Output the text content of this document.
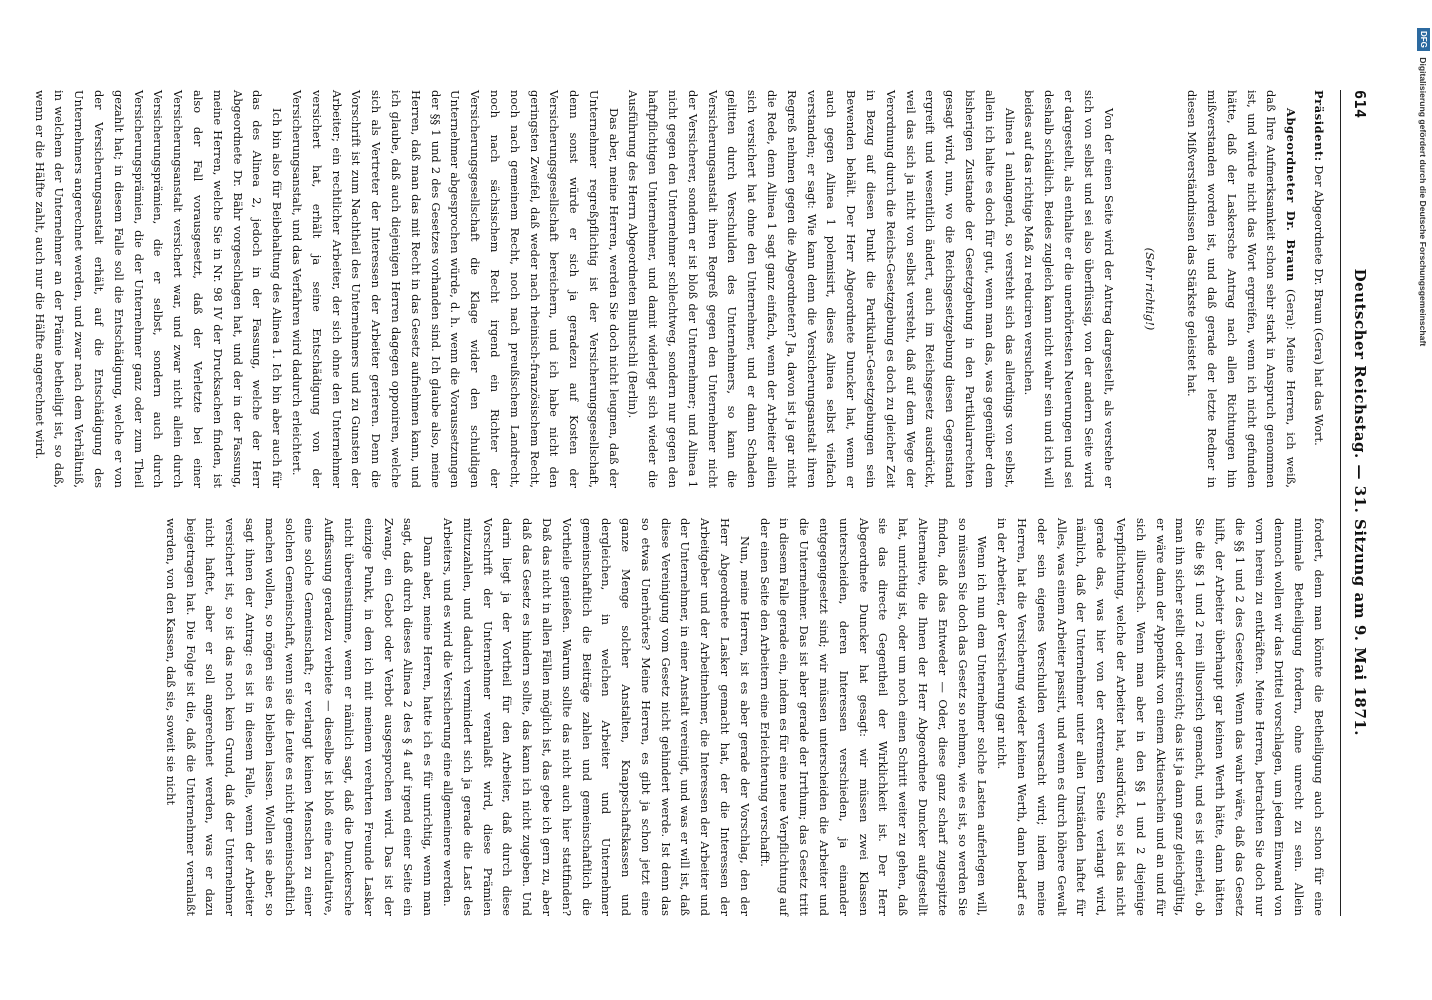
614
Deutscher Reichstag. — 31. Sitzung am 9. Mai 1871.

Präsident: Der Abgeordnete Dr. Braun (Gera) hat das Wort.

Abgeordneter Dr. Braun (Gera): Meine Herren, ich weiß, daß Ihre Aufmerksamkeit schon sehr stark in Anspruch genommen ist, und würde nicht das Wort ergreifen, wenn ich nicht gefunden hätte, daß der Laskersche Antrag nach allen Richtungen hin mißverstanden worden ist, und daß gerade der letzte Redner in diesen Mißverständnissen das Stärkste geleistet hat.

(Sehr richtig!)

Von der einen Seite wird der Antrag dargestellt, als verstehe er sich von selbst und sei also überflüssig, von der andern Seite wird er dargestellt, als enthalte er die unerhörtesten Neuerungen und sei deshalb schädlich. Beides zugleich kann nicht wahr sein und ich will beides auf das richtige Maß zu reduciren versuchen.

Alinea 1 anlangend, so versteht sich das allerdings von selbst, allein ich halte es doch für gut, wenn man das, was gegenüber dem bisherigen Zustande der Gesetzgebung in den Partikularrechten gesagt wird, nun, wo die Reichsgesetzgebung diesen Gegenstand ergreift und wesentlich ändert, auch im Reichsgesetz ausdrückt, weil das sich ja nicht von selbst versteht, daß auf dem Wege der Verordnung durch die Reichs-Gesetzgebung es doch zu gleicher Zeit in Bezug auf diesen Punkt die Partikular-Gesetzgebungen sein Bewenden behält. Der Herr Abgeordnete Duncker hat, wenn er auch gegen Alinea 1 polemisirt, dieses Alinea selbst vielfach verstanden; er sagt: Wie kann denn die Versicherungsanstalt ihren Regreß nehmen gegen die Abgeordneten? Ja, davon ist ja gar nicht die Rede, denn Alinea 1 sagt ganz einfach, wenn der Arbeiter allein sich versichert hat ohne den Unternehmer, und er dann Schaden gelitten durch Verschulden des Unternehmers, so kann die Versicherungsanstalt ihren Regreß gegen den Unternehmer nicht der Versicherer, sondern er ist bloß der Unternehmer; und Alinea 1 nicht gegen den Unternehmer schlechtweg, sondern nur gegen den haftpflichtigen Unternehmer, und damit widerlegt sich wieder die Ausführung des Herrn Abgeordneten Bluntschli (Berlin).

Das aber, meine Herren, werden Sie doch nicht leugnen, daß der Unternehmer regreßpflichtig ist der Versicherungsgesellschaft, denn sonst würde er sich ja geradezu auf Kosten der Versicherungsgesellschaft bereichern, und ich habe nicht den geringsten Zweifel, daß weder nach rheinisch-französischem Recht, noch nach gemeinem Recht, noch nach preußischem Landrecht, noch nach sächsischem Recht irgend ein Richter der Versicherungsgesellschaft die Klage wider den schuldigen Unternehmer abgesprochen würde, d. h. wenn die Voraussetzungen der §§ 1 und 2 des Gesetzes vorhanden sind. Ich glaube also, meine Herren, daß man das mit Recht in das Gesetz aufnehmen kann, und ich glaube, daß auch diejenigen Herren dagegen opponiren, welche sich als Vertreter der Interessen der Arbeiter gerieren. Denn die Vorschrift ist zum Nachtheil des Unternehmers und zu Gunsten der Arbeiter; ein rechtlicher Arbeiter, der sich ohne den Unternehmer versichert hat, erhält ja seine Entschädigung von der Versicherungsanstalt, und das Verfahren wird dadurch erleichtert.

Ich bin also für Beibehaltung des Alinea 1. Ich bin aber auch für das des Alinea 2, jedoch in der Fassung, welche der Herr Abgeordnete Dr. Bähr vorgeschlagen hat, und der in der Fassung, meine Herren, welche Sie in Nr. 98 IV der Drucksachen finden, ist also der Fall vorausgesetzt, daß der Verletzte bei einer Versicherungsanstalt versichert war, und zwar nicht allein durch Versicherungsprämien, die er selbst, sondern auch durch Versicherungsprämien, die der Unternehmer ganz oder zum Theil gezahlt hat; in diesem Falle soll die Entschädigung, welche er von der Versicherungsanstalt erhält, auf die Entschädigung des Unternehmers angerechnet werden, und zwar nach dem Verhältniß, in welchem der Unternehmer an der Prämie betheiligt ist, so daß, wenn er die Hälfte zahlt, auch nur die Hälfte angerechnet wird.

fordert, denn man könnte die Betheiligung auch schon für eine minimale Betheiligung fordern, ohne unrecht zu sein. Allein dennoch wollen wir das Drittel vorschlagen, um jedem Einwand von vorn herein zu entkräften. Meine Herren, betrachten Sie doch nur die §§ 1 und 2 des Gesetzes. Wenn das wahr wäre, daß das Gesetz hilft, der Arbeiter überhaupt gar keinen Werth hätte, dann hätten Sie die §§ 1 und 2 rein illusorisch gemacht, und es ist einerlei, ob man ihn sicher stellt oder streicht; das ist ja dann ganz gleichgültig, er wäre dann der Appendix von einem Aktienschein und an und für sich illusorisch. Wenn man aber in den §§ 1 und 2 diejenige Verpflichtung, welche der Arbeiter hat, ausdrückt, so ist das nicht gerade das, was hier von der extremsten Seite verlangt wird, nämlich, daß der Unternehmer unter allen Umständen haftet für Alles, was einem Arbeiter passirt, und wenn es durch höhere Gewalt oder sein eigenes Verschulden verursacht wird; indem meine Herren, hat die Versicherung wieder keinen Werth, dann bedarf es in der Arbeiter, der Versicherung gar nicht.

Wenn ich nun dem Unternehmer solche Lasten auferlegen will, so müssen Sie doch das Gesetz so nehmen, wie es ist, so werden Sie finden, daß das Entweder — Oder, diese ganz scharf zugespitzte Alternative, die Ihnen der Herr Abgeordnete Duncker aufgestellt hat, unrichtig ist, oder um noch einen Schritt weiter zu gehen, daß sie das directe Gegentheil der Wirklichkeit ist. Der Herr Abgeordnete Duncker hat gesagt: wir müssen zwei Klassen unterscheiden, deren Interessen verschieden, ja einander entgegengesetzt sind; wir müssen unterscheiden die Arbeiter und die Unternehmer. Das ist aber gerade der Irrthum; das Gesetz tritt in diesem Falle gerade ein, indem es für eine neue Verpflichtung auf der einen Seite den Arbeitern eine Erleichterung verschafft.

Nun, meine Herren, ist es aber gerade der Vorschlag, den der Herr Abgeordnete Lasker gemacht hat, der die Interessen der Arbeitgeber und der Arbeitnehmer, die Interessen der Arbeiter und der Unternehmer, in einer Anstalt vereinigt, und was er will ist, daß diese Vereinigung vom Gesetz nicht gehindert werde. Ist denn das so etwas Unerhörtes? Meine Herren, es gibt ja schon jetzt eine ganze Menge solcher Anstalten, Knappschaftskassen und dergleichen, in welchen Arbeiter und Unternehmer gemeinschaftlich die Beiträge zahlen und gemeinschaftlich die Vortheile genießen. Warum sollte das nicht auch hier stattfinden? Daß das nicht in allen Fällen möglich ist, das gebe ich gern zu, aber daß das Gesetz es hindern sollte, das kann ich nicht zugeben. Und darin liegt ja der Vortheil für den Arbeiter, daß durch diese Vorschrift der Unternehmer veranlaßt wird, diese Prämien mitzuzahlen, und dadurch vermindert sich ja gerade die Last des Arbeiters, und es wird die Versicherung eine allgemeinere werden.

Dann aber, meine Herren, hatte ich es für unrichtig, wenn man sagt, daß durch dieses Alinea 2 des § 4 auf irgend einer Seite ein Zwang, ein Gebot oder Verbot ausgesprochen wird. Das ist der einzige Punkt, in dem ich mit meinem verehrten Freunde Lasker nicht übereinstimme, wenn er nämlich sagt, daß die Dunckersche Auffassung geradezu verbiete — dieselbe ist bloß eine facultative, eine solche Gemeinschaft; er verlangt keinen Menschen zu einer solchen Gemeinschaft, wenn sie die Leute es nicht gemeinschaftlich machen wollen, so mögen sie es bleiben lassen. Wollen sie aber, so sagt ihnen der Antrag: es ist in diesem Falle, wenn der Arbeiter versichert ist, so ist das noch kein Grund, daß der Unternehmer nicht haftet, aber er soll angerechnet werden, was er dazu beigetragen hat. Die Folge ist die, daß die Unternehmer veranlaßt werden, von den Kassen, daß sie, soweit sie nicht

DFG Digitalisierung gefördert durch die Deutsche Forschungsgemeinschaft
